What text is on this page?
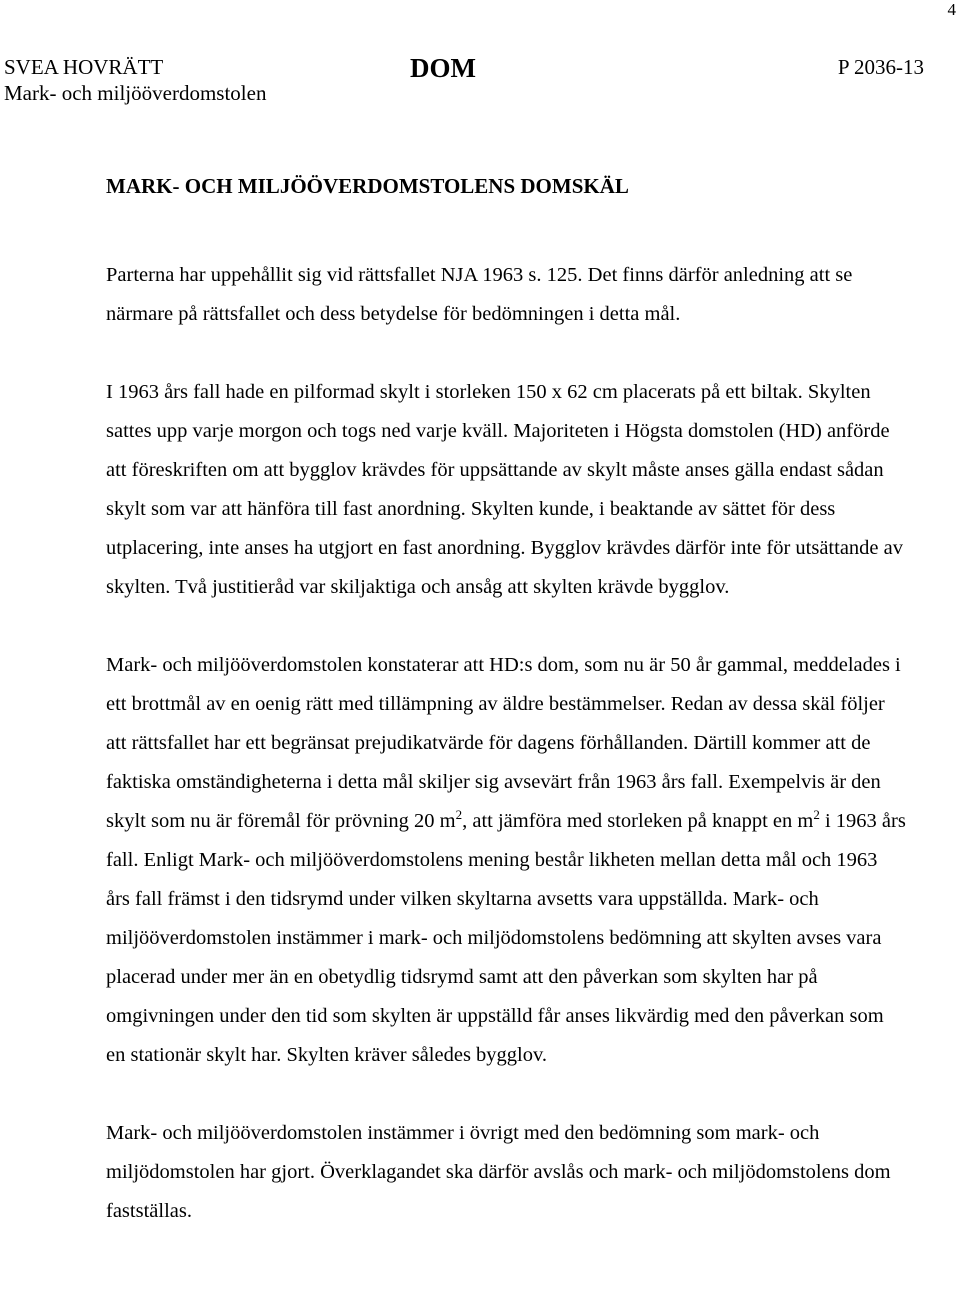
4
SVEA HOVRÄTT
Mark- och miljööverdomstolen
DOM	P 2036-13
MARK- OCH MILJÖÖVERDOMSTOLENS DOMSKÄL

Parterna har uppehållit sig vid rättsfallet NJA 1963 s. 125. Det finns därför anledning att se närmare på rättsfallet och dess betydelse för bedömningen i detta mål.

I 1963 års fall hade en pilformad skylt i storleken 150 x 62 cm placerats på ett biltak. Skylten sattes upp varje morgon och togs ned varje kväll. Majoriteten i Högsta domstolen (HD) anförde att föreskriften om att bygglov krävdes för uppsättande av skylt måste anses gälla endast sådan skylt som var att hänföra till fast anordning. Skylten kunde, i beaktande av sättet för dess utplacering, inte anses ha utgjort en fast anordning. Bygglov krävdes därför inte för utsättande av skylten. Två justitieråd var skiljaktiga och ansåg att skylten krävde bygglov.

Mark- och miljööverdomstolen konstaterar att HD:s dom, som nu är 50 år gammal, meddelades i ett brottmål av en oenig rätt med tillämpning av äldre bestämmelser. Redan av dessa skäl följer att rättsfallet har ett begränsat prejudikatvärde för dagens förhållanden. Därtill kommer att de faktiska omständigheterna i detta mål skiljer sig avsevärt från 1963 års fall. Exempelvis är den skylt som nu är föremål för prövning 20 $m^2$, att jämföra med storleken på knappt en $m^2$ i 1963 års fall. Enligt Mark- och miljööverdomstolens mening består likheten mellan detta mål och 1963 års fall främst i den tidsrymd under vilken skyltarna avsetts vara uppställda. Mark- och miljööverdomstolen instämmer i mark- och miljödomstolens bedömning att skylten avses vara placerad under mer än en obetydlig tidsrymd samt att den påverkan som skylten har på omgivningen under den tid som skylten är uppställd får anses likvärdig med den påverkan som en stationär skylt har. Skylten kräver således bygglov.

Mark- och miljööverdomstolen instämmer i övrigt med den bedömning som mark- och miljödomstolen har gjort. Överklagandet ska därför avslås och mark- och miljödomstolens dom fastställas.
